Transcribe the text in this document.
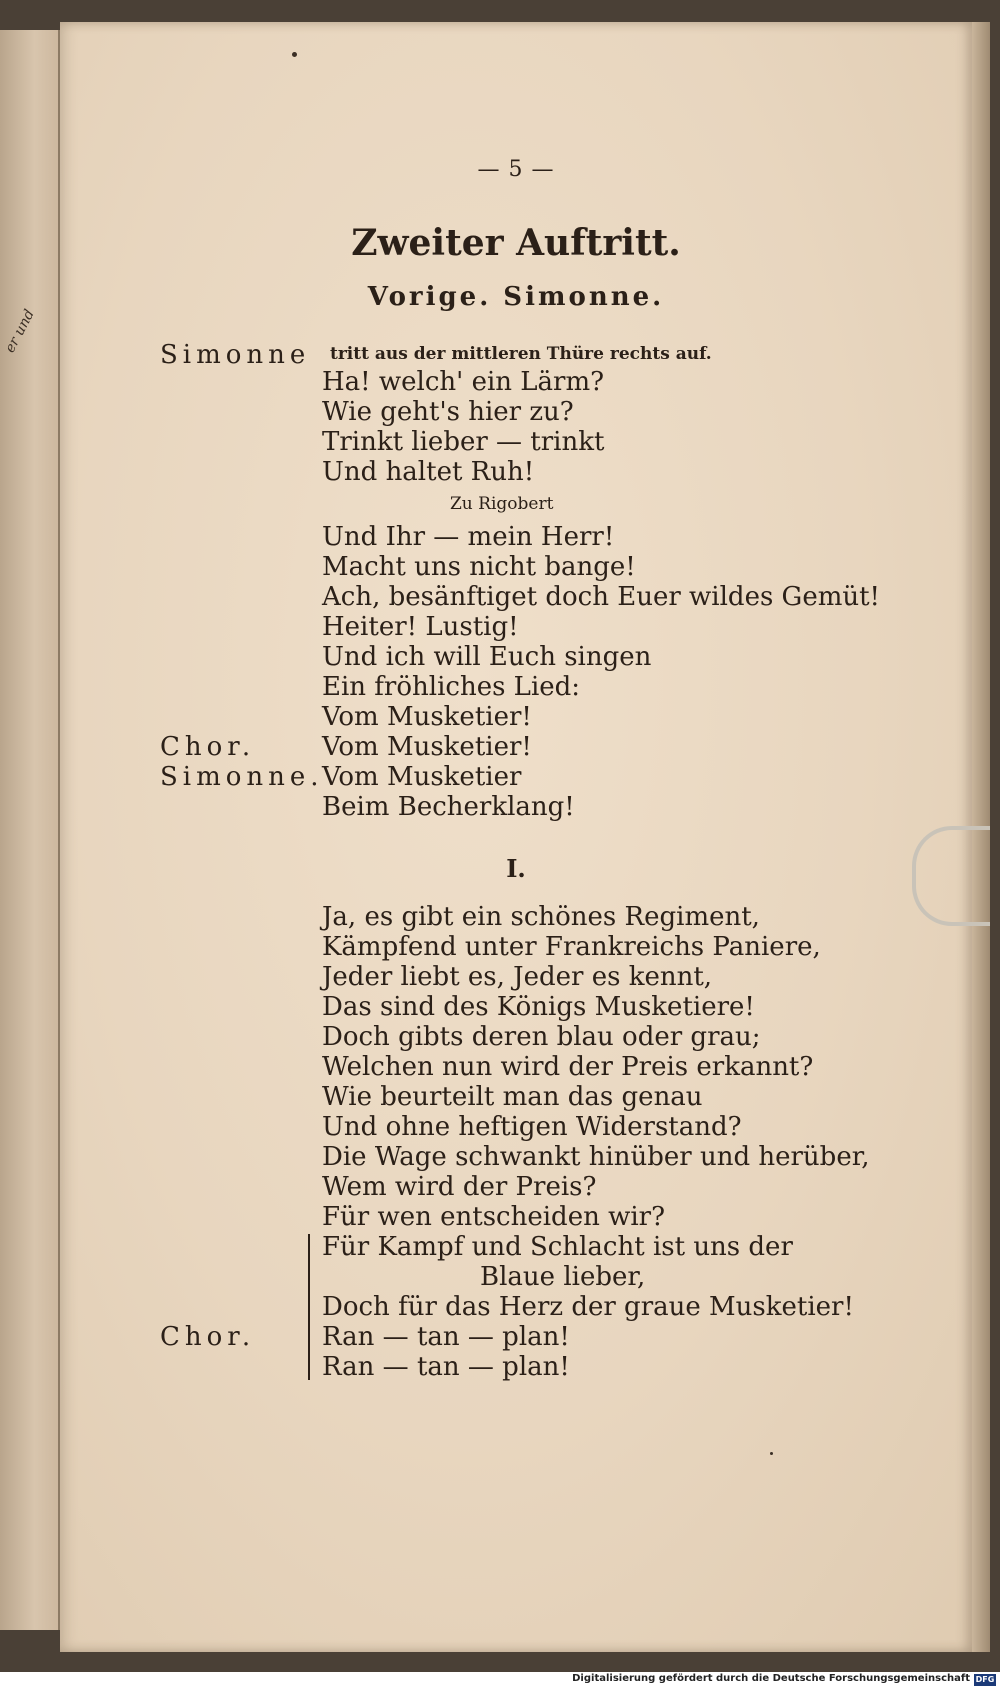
er und
— 5 —
Zweiter Auftritt.
Vorige. Simonne.
Simonne tritt aus der mittleren Thüre rechts auf.
Ha! welch' ein Lärm?
Wie geht's hier zu?
Trinkt lieber — trinkt
Und haltet Ruh!
Zu Rigobert
Und Ihr — mein Herr!
Macht uns nicht bange!
Ach, besänftiget doch Euer wildes Gemüt!
Heiter! Lustig!
Und ich will Euch singen
Ein fröhliches Lied:
Vom Musketier!
Chor.	Vom Musketier!
Simonne.
Vom Musketier
Beim Becherklang!
I.
Ja, es gibt ein schönes Regiment,
Kämpfend unter Frankreichs Paniere,
Jeder liebt es, Jeder es kennt,
Das sind des Königs Musketiere!
Doch gibts deren blau oder grau;
Welchen nun wird der Preis erkannt?
Wie beurteilt man das genau
Und ohne heftigen Widerstand?
Die Wage schwankt hinüber und herüber,
Wem wird der Preis?
Für wen entscheiden wir?
Für Kampf und Schlacht ist uns der
Blaue lieber,
Doch für das Herz der graue Musketier!
Chor.	Ran — tan — plan!
Ran — tan — plan!
Digitalisierung gefördert durch die Deutsche Forschungsgemeinschaft DFG
